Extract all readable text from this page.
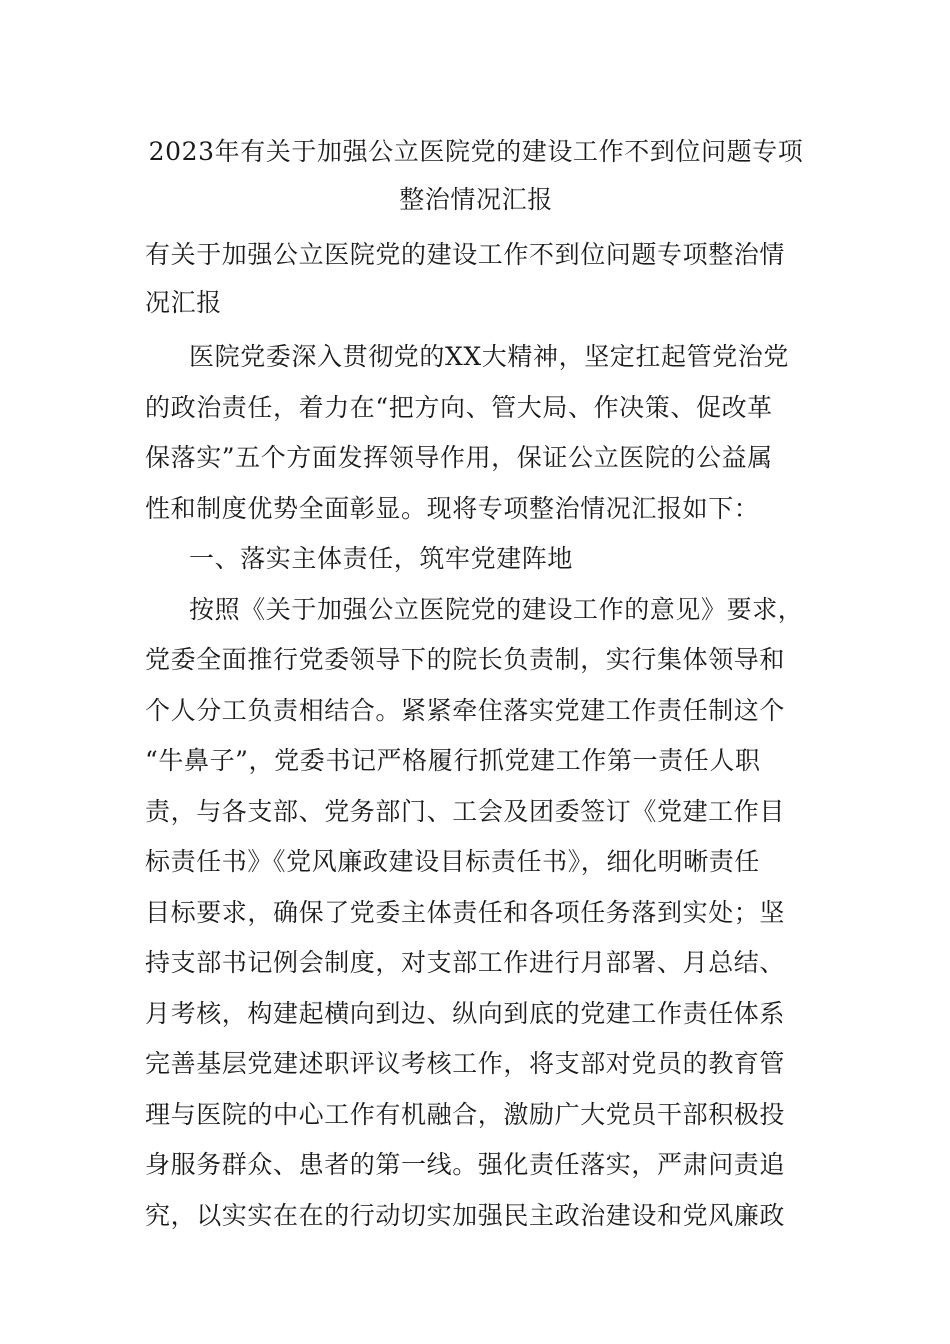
2023年有关于加强公立医院党的建设工作不到位问题专项
整治情况汇报
有关于加强公立医院党的建设工作不到位问题专项整治情
况汇报
医院党委深入贯彻党的XX大精神，坚定扛起管党治党
的政治责任，着力在“把方向、管大局、作决策、促改革
保落实”五个方面发挥领导作用，保证公立医院的公益属
性和制度优势全面彰显。现将专项整治情况汇报如下：
一、落实主体责任，筑牢党建阵地
按照《关于加强公立医院党的建设工作的意见》要求，
党委全面推行党委领导下的院长负责制，实行集体领导和
个人分工负责相结合。紧紧牵住落实党建工作责任制这个
“牛鼻子”，党委书记严格履行抓党建工作第一责任人职
责，与各支部、党务部门、工会及团委签订《党建工作目
标责任书》《党风廉政建设目标责任书》，细化明晰责任
目标要求，确保了党委主体责任和各项任务落到实处；坚
持支部书记例会制度，对支部工作进行月部署、月总结、
月考核，构建起横向到边、纵向到底的党建工作责任体系
完善基层党建述职评议考核工作，将支部对党员的教育管
理与医院的中心工作有机融合，激励广大党员干部积极投
身服务群众、患者的第一线。强化责任落实，严肃问责追
究，以实实在在的行动切实加强民主政治建设和党风廉政
